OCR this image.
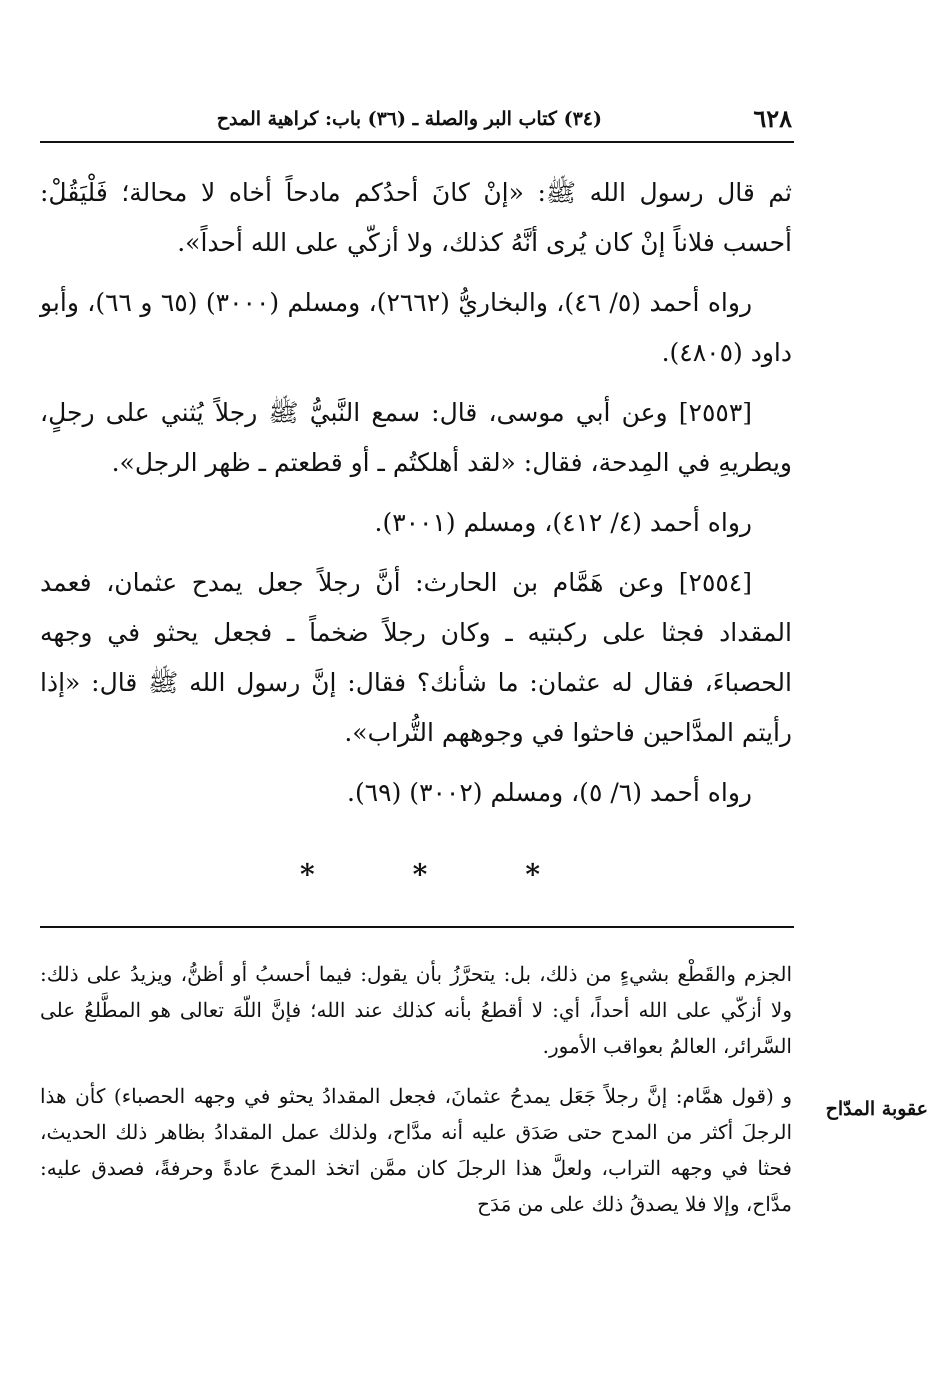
٦٢٨
(٣٤) كتاب البر والصلة ـ (٣٦) باب: كراهية المدح

ثم قال رسول الله ﷺ: «إنْ كانَ أحدُكم مادحاً أخاه لا محالة؛ فَلْيَقُلْ: أحسب فلاناً إنْ كان يُرى أنَّهُ كذلك، ولا أزكّي على الله أحداً».

رواه أحمد (٥/ ٤٦)، والبخاريُّ (٢٦٦٢)، ومسلم (٣٠٠٠) (٦٥ و ٦٦)، وأبو داود (٤٨٠٥).

[٢٥٥٣] وعن أبي موسى، قال: سمع النَّبيُّ ﷺ رجلاً يُثني على رجلٍ، ويطريهِ في المِدحة، فقال: «لقد أهلكتُم ـ أو قطعتم ـ ظهر الرجل».

رواه أحمد (٤/ ٤١٢)، ومسلم (٣٠٠١).

[٢٥٥٤] وعن هَمَّام بن الحارث: أنَّ رجلاً جعل يمدح عثمان، فعمد المقداد فجثا على ركبتيه ـ وكان رجلاً ضخماً ـ فجعل يحثو في وجهه الحصباءَ، فقال له عثمان: ما شأنك؟ فقال: إنَّ رسول الله ﷺ قال: «إذا رأيتم المدَّاحين فاحثوا في وجوههم التُّراب».

رواه أحمد (٦/ ٥)، ومسلم (٣٠٠٢) (٦٩).

*
*
*

الجزم والقَطْع بشيءٍ من ذلك، بل: يتحرَّزُ بأن يقول: فيما أحسبُ أو أظنُّ، ويزيدُ على ذلك: ولا أزكّي على الله أحداً، أي: لا أقطعُ بأنه كذلك عند الله؛ فإنَّ اللّهَ تعالى هو المطَّلعُ على السَّرائر، العالمُ بعواقب الأمور.

و (قول همَّام: إنَّ رجلاً جَعَل يمدحُ عثمانَ، فجعل المقدادُ يحثو في وجهه الحصباء) كأن هذا الرجلَ أكثر من المدح حتى صَدَق عليه أنه مدَّاح، ولذلك عمل المقدادُ بظاهر ذلك الحديث، فحثا في وجهه التراب، ولعلَّ هذا الرجلَ كان ممَّن اتخذ المدحَ عادةً وحرفةً، فصدق عليه: مدَّاح، وإلا فلا يصدقُ ذلك على من مَدَح

عقوبة المدّاح
